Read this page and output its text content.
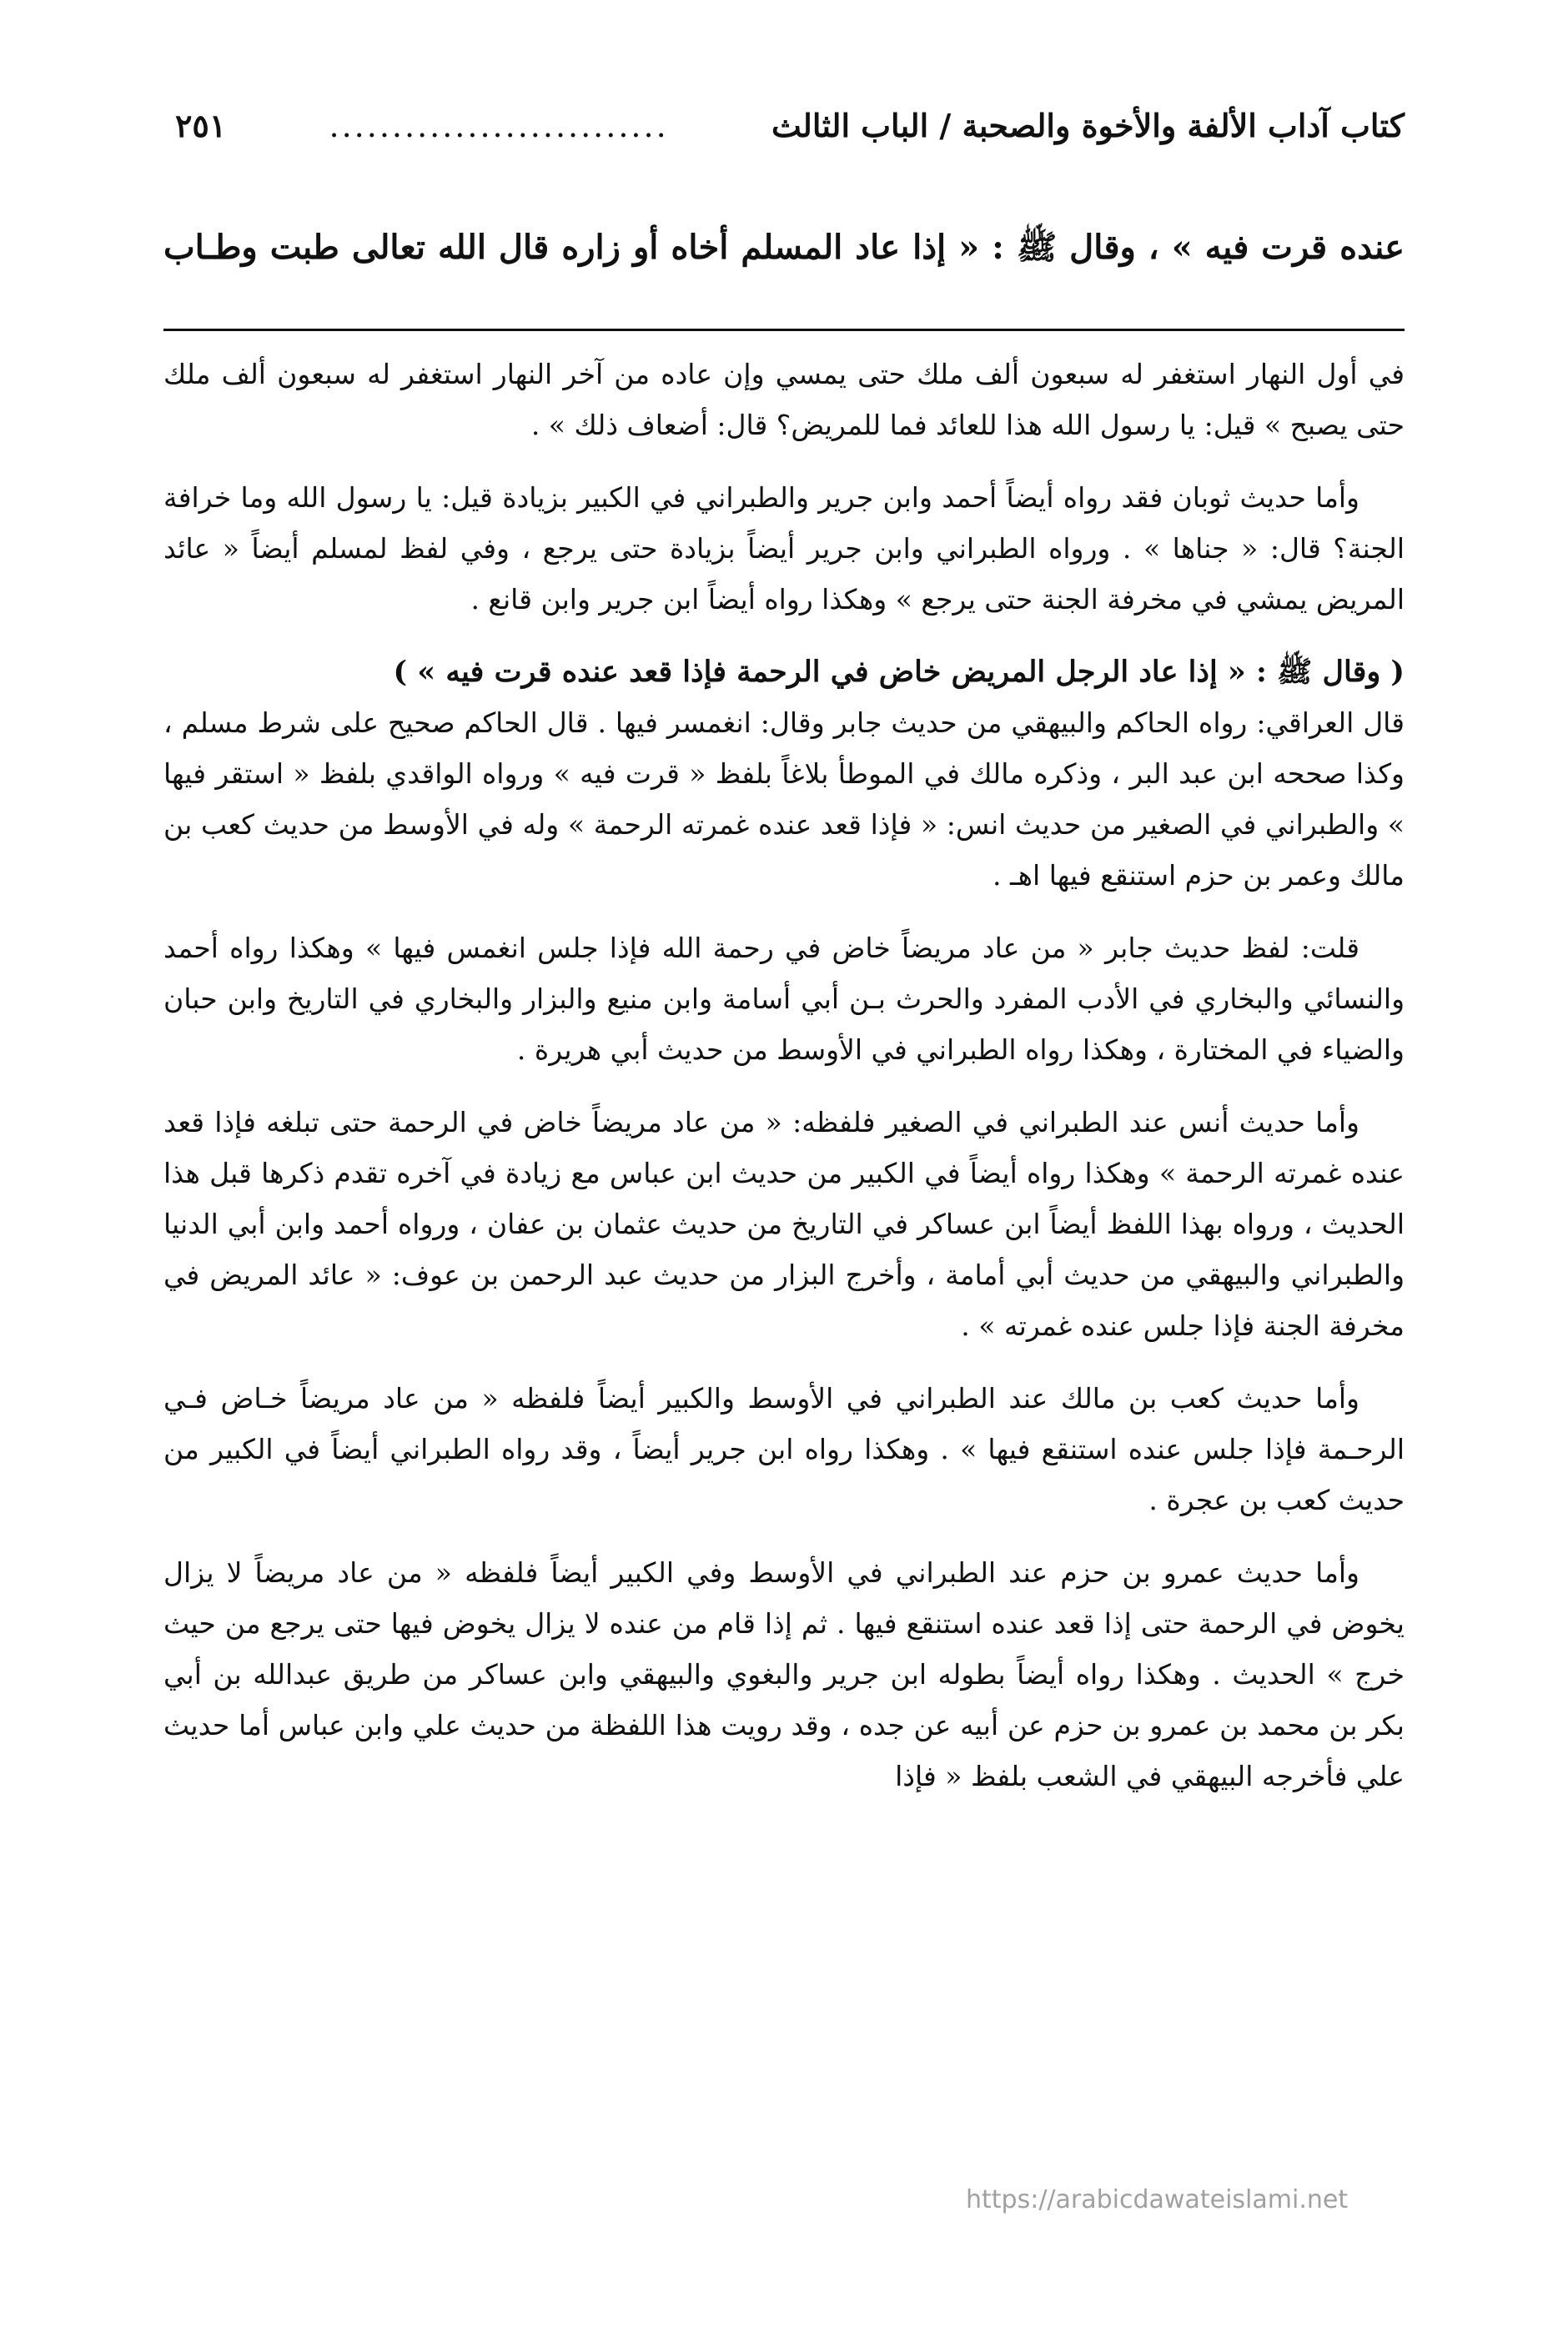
كتاب آداب الألفة والأخوة والصحبة / الباب الثالث
...........................
٢٥١
عنده قرت فيه » ، وقال ﷺ : « إذا عاد المسلم أخاه أو زاره قال الله تعالى طبت وطـاب

في أول النهار استغفر له سبعون ألف ملك حتى يمسي وإن عاده من آخر النهار استغفر له سبعون ألف ملك حتى يصبح » قيل: يا رسول الله هذا للعائد فما للمريض؟ قال: أضعاف ذلك » .

وأما حديث ثوبان فقد رواه أيضاً أحمد وابن جرير والطبراني في الكبير بزيادة قيل: يا رسول الله وما خرافة الجنة؟ قال: « جناها » . ورواه الطبراني وابن جرير أيضاً بزيادة حتى يرجع ، وفي لفظ لمسلم أيضاً « عائد المريض يمشي في مخرفة الجنة حتى يرجع » وهكذا رواه أيضاً ابن جرير وابن قانع .

( وقال ﷺ : « إذا عاد الرجل المريض خاض في الرحمة فإذا قعد عنده قرت فيه » )

قال العراقي: رواه الحاكم والبيهقي من حديث جابر وقال: انغمسر فيها . قال الحاكم صحيح على شرط مسلم ، وكذا صححه ابن عبد البر ، وذكره مالك في الموطأ بلاغاً بلفظ « قرت فيه » ورواه الواقدي بلفظ « استقر فيها » والطبراني في الصغير من حديث انس: « فإذا قعد عنده غمرته الرحمة » وله في الأوسط من حديث كعب بن مالك وعمر بن حزم استنقع فيها اهـ .

قلت: لفظ حديث جابر « من عاد مريضاً خاض في رحمة الله فإذا جلس انغمس فيها » وهكذا رواه أحمد والنسائي والبخاري في الأدب المفرد والحرث بـن أبي أسامة وابن منيع والبزار والبخاري في التاريخ وابن حبان والضياء في المختارة ، وهكذا رواه الطبراني في الأوسط من حديث أبي هريرة .

وأما حديث أنس عند الطبراني في الصغير فلفظه: « من عاد مريضاً خاض في الرحمة حتى تبلغه فإذا قعد عنده غمرته الرحمة » وهكذا رواه أيضاً في الكبير من حديث ابن عباس مع زيادة في آخره تقدم ذكرها قبل هذا الحديث ، ورواه بهذا اللفظ أيضاً ابن عساكر في التاريخ من حديث عثمان بن عفان ، ورواه أحمد وابن أبي الدنيا والطبراني والبيهقي من حديث أبي أمامة ، وأخرج البزار من حديث عبد الرحمن بن عوف: « عائد المريض في مخرفة الجنة فإذا جلس عنده غمرته » .

وأما حديث كعب بن مالك عند الطبراني في الأوسط والكبير أيضاً فلفظه « من عاد مريضاً خـاض فـي الرحـمة فإذا جلس عنده استنقع فيها » . وهكذا رواه ابن جرير أيضاً ، وقد رواه الطبراني أيضاً في الكبير من حديث كعب بن عجرة .

وأما حديث عمرو بن حزم عند الطبراني في الأوسط وفي الكبير أيضاً فلفظه « من عاد مريضاً لا يزال يخوض في الرحمة حتى إذا قعد عنده استنقع فيها . ثم إذا قام من عنده لا يزال يخوض فيها حتى يرجع من حيث خرج » الحديث . وهكذا رواه أيضاً بطوله ابن جرير والبغوي والبيهقي وابن عساكر من طريق عبدالله بن أبي بكر بن محمد بن عمرو بن حزم عن أبيه عن جده ، وقد رويت هذا اللفظة من حديث علي وابن عباس أما حديث علي فأخرجه البيهقي في الشعب بلفظ « فإذا

https://arabicdawateislami.net
